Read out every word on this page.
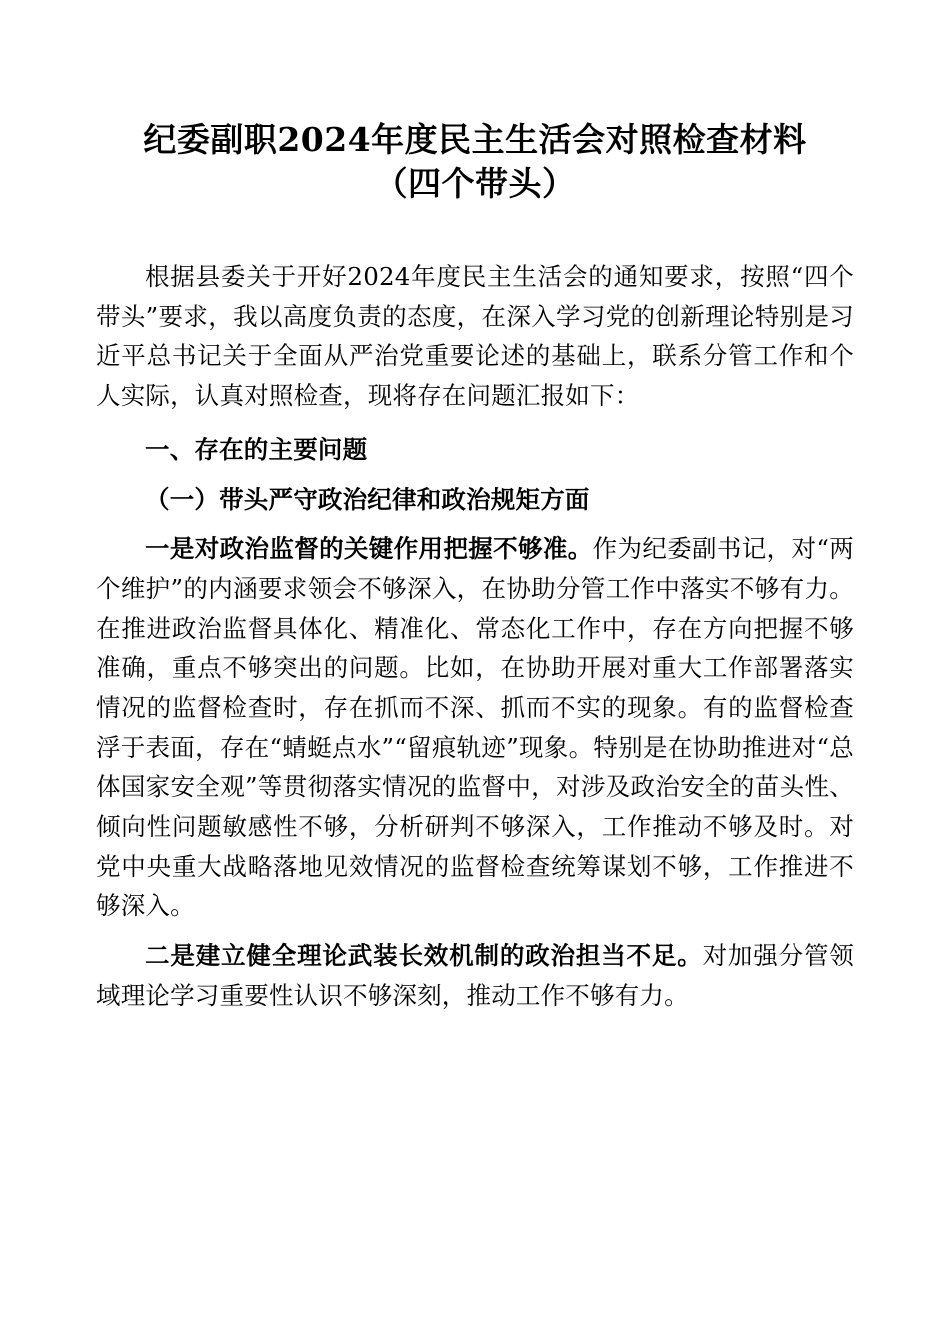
纪委副职2024年度民主生活会对照检查材料
（四个带头）

根据县委关于开好2024年度民主生活会的通知要求，按照“四个带头”要求，我以高度负责的态度，在深入学习党的创新理论特别是习近平总书记关于全面从严治党重要论述的基础上，联系分管工作和个人实际，认真对照检查，现将存在问题汇报如下：

一、存在的主要问题

（一）带头严守政治纪律和政治规矩方面

一是对政治监督的关键作用把握不够准。作为纪委副书记，对“两个维护”的内涵要求领会不够深入，在协助分管工作中落实不够有力。在推进政治监督具体化、精准化、常态化工作中，存在方向把握不够准确，重点不够突出的问题。比如，在协助开展对重大工作部署落实情况的监督检查时，存在抓而不深、抓而不实的现象。有的监督检查浮于表面，存在“蜻蜓点水”“留痕轨迹”现象。特别是在协助推进对“总体国家安全观”等贯彻落实情况的监督中，对涉及政治安全的苗头性、倾向性问题敏感性不够，分析研判不够深入，工作推动不够及时。对党中央重大战略落地见效情况的监督检查统筹谋划不够，工作推进不够深入。

二是建立健全理论武装长效机制的政治担当不足。对加强分管领域理论学习重要性认识不够深刻，推动工作不够有力。
